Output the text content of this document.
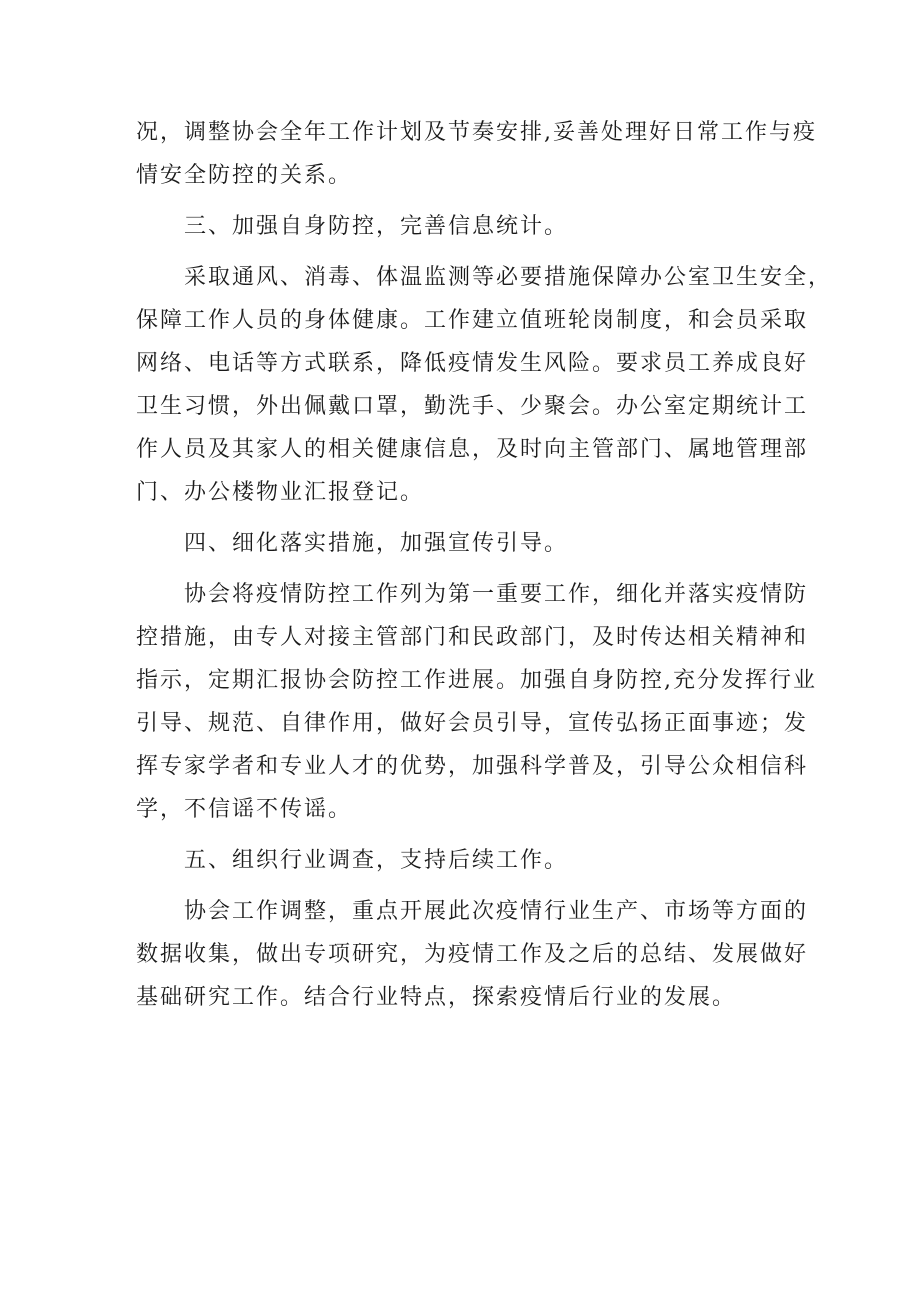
况，调整协会全年工作计划及节奏安排,妥善处理好日常工作与疫
情安全防控的关系。
三、加强自身防控，完善信息统计。
采取通风、消毒、体温监测等必要措施保障办公室卫生安全，
保障工作人员的身体健康。工作建立值班轮岗制度，和会员采取
网络、电话等方式联系，降低疫情发生风险。要求员工养成良好
卫生习惯，外出佩戴口罩，勤洗手、少聚会。办公室定期统计工
作人员及其家人的相关健康信息，及时向主管部门、属地管理部
门、办公楼物业汇报登记。
四、细化落实措施，加强宣传引导。
协会将疫情防控工作列为第一重要工作，细化并落实疫情防
控措施，由专人对接主管部门和民政部门，及时传达相关精神和
指示，定期汇报协会防控工作进展。加强自身防控,充分发挥行业
引导、规范、自律作用，做好会员引导，宣传弘扬正面事迹；发
挥专家学者和专业人才的优势，加强科学普及，引导公众相信科
学，不信谣不传谣。
五、组织行业调查，支持后续工作。
协会工作调整，重点开展此次疫情行业生产、市场等方面的
数据收集，做出专项研究，为疫情工作及之后的总结、发展做好
基础研究工作。结合行业特点，探索疫情后行业的发展。
